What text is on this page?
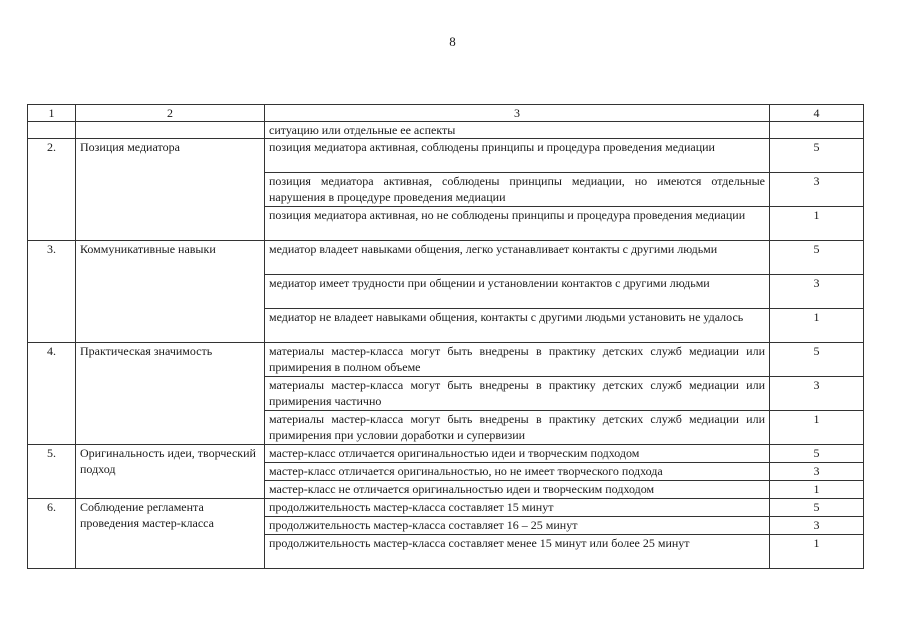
8
1	2	3	4
		ситуацию или отдельные ее аспекты	
2.	Позиция медиатора	позиция медиатора активная, соблюдены принципы и процедура проведения медиации	5
		позиция медиатора активная, соблюдены принципы медиации, но имеются отдельные нарушения в процедуре проведения медиации	3
		позиция медиатора активная, но не соблюдены принципы и процедура проведения медиации	1
3.	Коммуникативные навыки	медиатор владеет навыками общения, легко устанавливает контакты с другими людьми	5
		медиатор имеет трудности при общении и установлении контактов с другими людьми	3
		медиатор не владеет навыками общения, контакты с другими людьми установить не удалось	1
4.	Практическая значимость	материалы мастер-класса могут быть внедрены в практику детских служб медиации или примирения в полном объеме	5
		материалы мастер-класса могут быть внедрены в практику детских служб медиации или примирения частично	3
		материалы мастер-класса могут быть внедрены в практику детских служб медиации или примирения при условии доработки и супервизии	1
5.	Оригинальность идеи, творческий подход	мастер-класс отличается оригинальностью идеи и творческим подходом	5
		мастер-класс отличается оригинальностью, но не имеет творческого подхода	3
		мастер-класс не отличается оригинальностью идеи и творческим подходом	1
6.	Соблюдение регламента проведения мастер-класса	продолжительность мастер-класса составляет 15 минут	5
		продолжительность мастер-класса составляет 16 – 25 минут	3
		продолжительность мастер-класса составляет менее 15 минут или более 25 минут	1
